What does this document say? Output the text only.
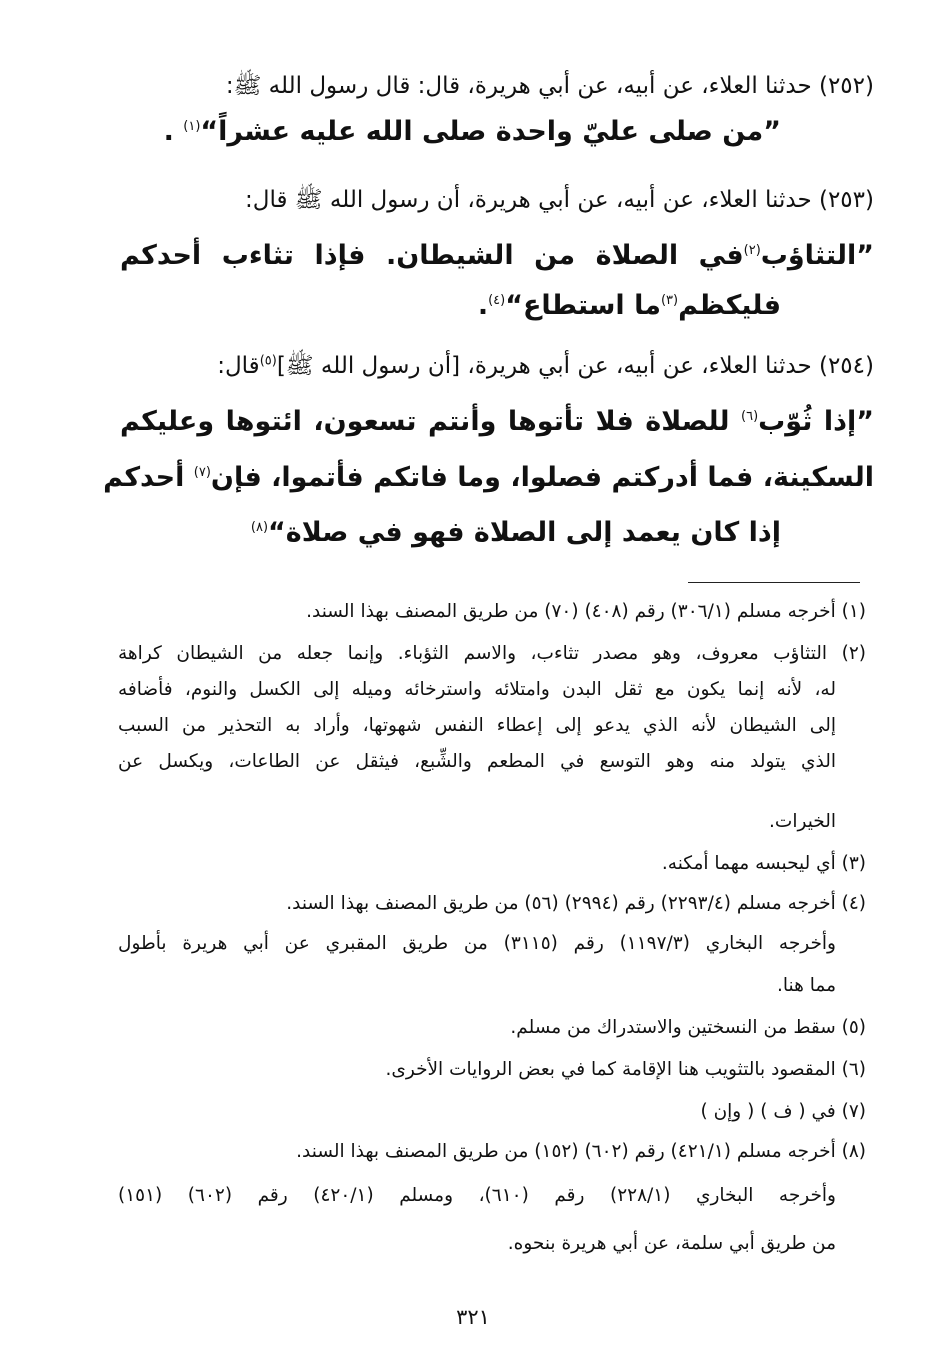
(٢٥٢) حدثنا العلاء، عن أبيه، عن أبي هريرة، قال: قال رسول الله ﷺ:
”من صلى عليّ واحدة صلى الله عليه عشراً“$^{(١)}$ .
(٢٥٣) حدثنا العلاء، عن أبيه، عن أبي هريرة، أن رسول الله ﷺ قال:
”التثاؤب$^{(٢)}$في الصلاة من الشيطان. فإذا تثاءب أحدكم
فليكظم$^{(٣)}$ما استطاع“$^{(٤)}$.
(٢٥٤) حدثنا العلاء، عن أبيه، عن أبي هريرة، [أن رسول الله ﷺ]$^{(٥)}$قال:
”إذا ثُوّب$^{(٦)}$ للصلاة فلا تأتوها وأنتم تسعون، ائتوها وعليكم
السكينة، فما أدركتم فصلوا، وما فاتكم فأتموا، فإن$^{(٧)}$ أحدكم
إذا كان يعمد إلى الصلاة فهو في صلاة“$^{(٨)}$
(١) أخرجه مسلم (٣٠٦/١) رقم (٤٠٨) (٧٠) من طريق المصنف بهذا السند.
(٢) التثاؤب معروف، وهو مصدر تثاءب، والاسم الثؤباء. وإنما جعله من الشيطان كراهة
له، لأنه إنما يكون مع ثقل البدن وامتلائه واسترخائه وميله إلى الكسل والنوم، فأضافه
إلى الشيطان لأنه الذي يدعو إلى إعطاء النفس شهوتها، وأراد به التحذير من السبب
الذي يتولد منه وهو التوسع في المطعم والشِّبع، فيثقل عن الطاعات، ويكسل عن
الخيرات.
(٣) أي ليحبسه مهما أمكنه.
(٤) أخرجه مسلم (٢٢٩٣/٤) رقم (٢٩٩٤) (٥٦) من طريق المصنف بهذا السند.
وأخرجه البخاري (١١٩٧/٣) رقم (٣١١٥) من طريق المقبري عن أبي هريرة بأطول
مما هنا.
(٥) سقط من النسختين والاستدراك من مسلم.
(٦) المقصود بالتثويب هنا الإقامة كما في بعض الروايات الأخرى.
(٧) في ( ف ) ( وإن )
(٨) أخرجه مسلم (٤٢١/١) رقم (٦٠٢) (١٥٢) من طريق المصنف بهذا السند.
وأخرجه البخاري (٢٢٨/١) رقم (٦١٠)، ومسلم (٤٢٠/١) رقم (٦٠٢) (١٥١)
من طريق أبي سلمة، عن أبي هريرة بنحوه.
٣٢١
